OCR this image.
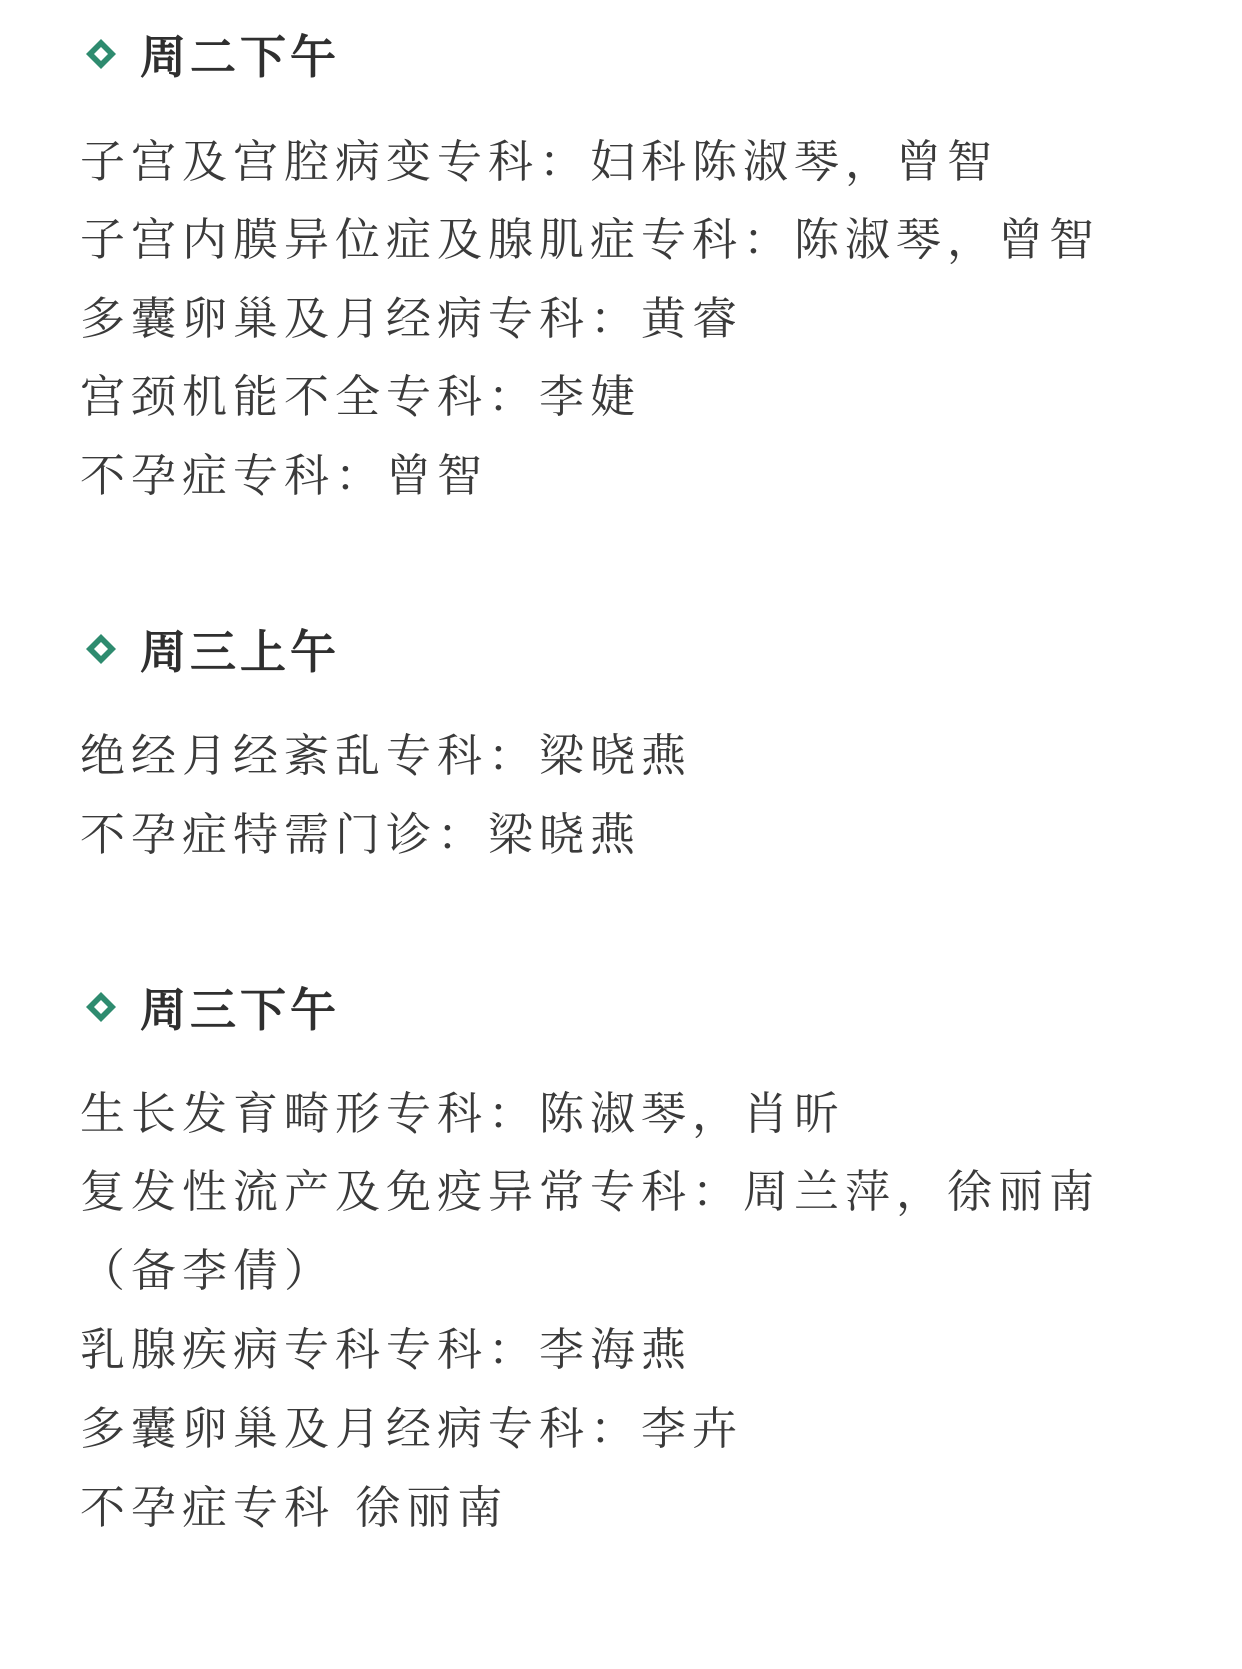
周二下午
子宫及宫腔病变专科：妇科陈淑琴，曾智
子宫内膜异位症及腺肌症专科：陈淑琴，曾智
多囊卵巢及月经病专科：黄睿
宫颈机能不全专科：李婕
不孕症专科：曾智
周三上午
绝经月经紊乱专科：梁晓燕
不孕症特需门诊：梁晓燕
周三下午
生长发育畸形专科：陈淑琴，肖昕
复发性流产及免疫异常专科：周兰萍，徐丽南
（备李倩）
乳腺疾病专科专科：李海燕
多囊卵巢及月经病专科：李卉
不孕症专科 徐丽南
